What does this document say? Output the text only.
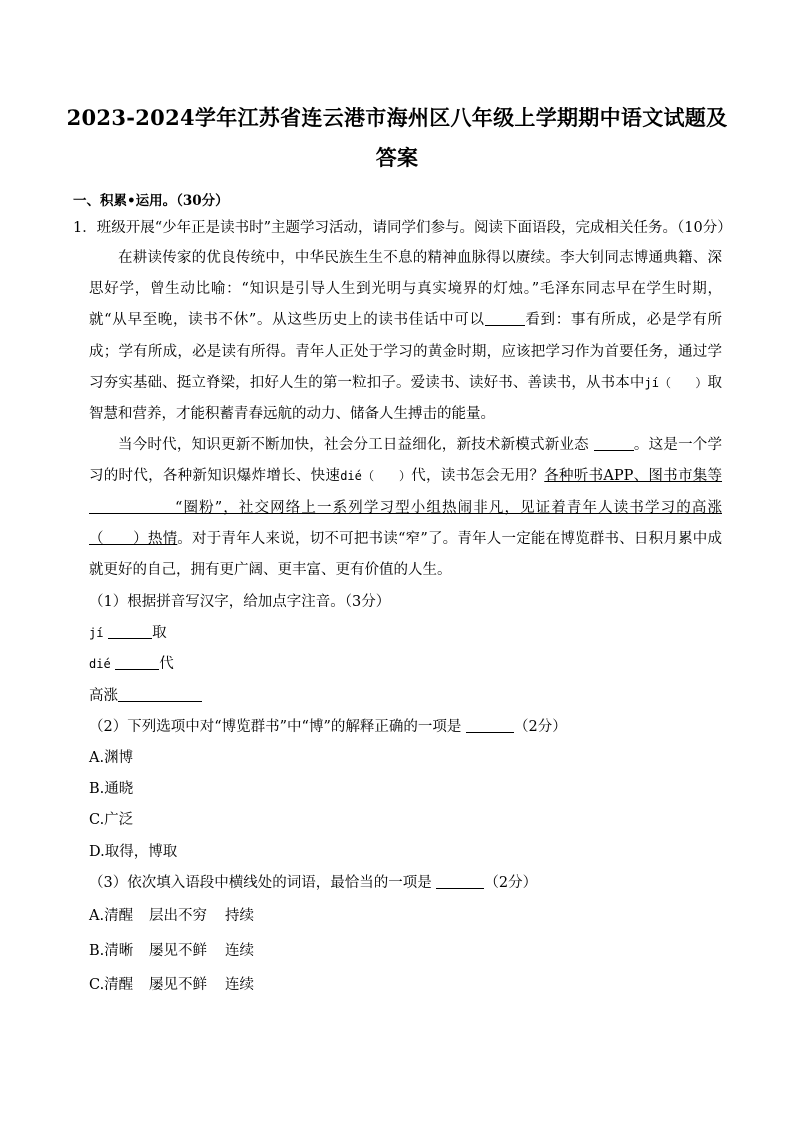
2023-2024学年江苏省连云港市海州区八年级上学期期中语文试题及
答案
一、积累•运用。（30分）
1．班级开展“少年正是读书时”主题学习活动，请同学们参与。阅读下面语段，完成相关任务。（10分）

在耕读传家的优良传统中，中华民族生生不息的精神血脉得以赓续。李大钊同志博通典籍、深思好学，曾生动比喻：“知识是引导人生到光明与真实境界的灯烛。”毛泽东同志早在学生时期，就“从早至晚，读书不休”。从这些历史上的读书佳话中可以	看到：事有所成，必是学有所成；学有所成，必是读有所得。青年人正处于学习的黄金时期，应该把学习作为首要任务，通过学习夯实基础、挺立脊梁，扣好人生的第一粒扣子。爱读书、读好书、善读书，从书本中jí（　　）取智慧和营养，才能积蓄青春远航的动力、储备人生搏击的能量。

当今时代，知识更新不断加快，社会分工日益细化，新技术新模式新业态	。这是一个学习的时代，各种新知识爆炸增长、快速dié（　　）代，读书怎会无用？各种听书APP、图书市集等“圈粉”，社交网络上一系列学习型小组热闹非凡，见证着青年人读书学习的高涨（　　）热情。对于青年人来说，切不可把书读“窄”了。青年人一定能在博览群书、日积月累中成就更好的自己，拥有更广阔、更丰富、更有价值的人生。

（1）根据拼音写汉字，给加点字注音。（3分）
jí	取
dié	代
高涨
（2）下列选项中对“博览群书”中“博”的解释正确的一项是	（2分）
A.渊博
B.通晓
C.广泛
D.取得，博取
（3）依次填入语段中横线处的词语，最恰当的一项是	（2分）
A.清醒 层出不穷 持续
B.清晰 屡见不鲜 连续
C.清醒 屡见不鲜 连续
